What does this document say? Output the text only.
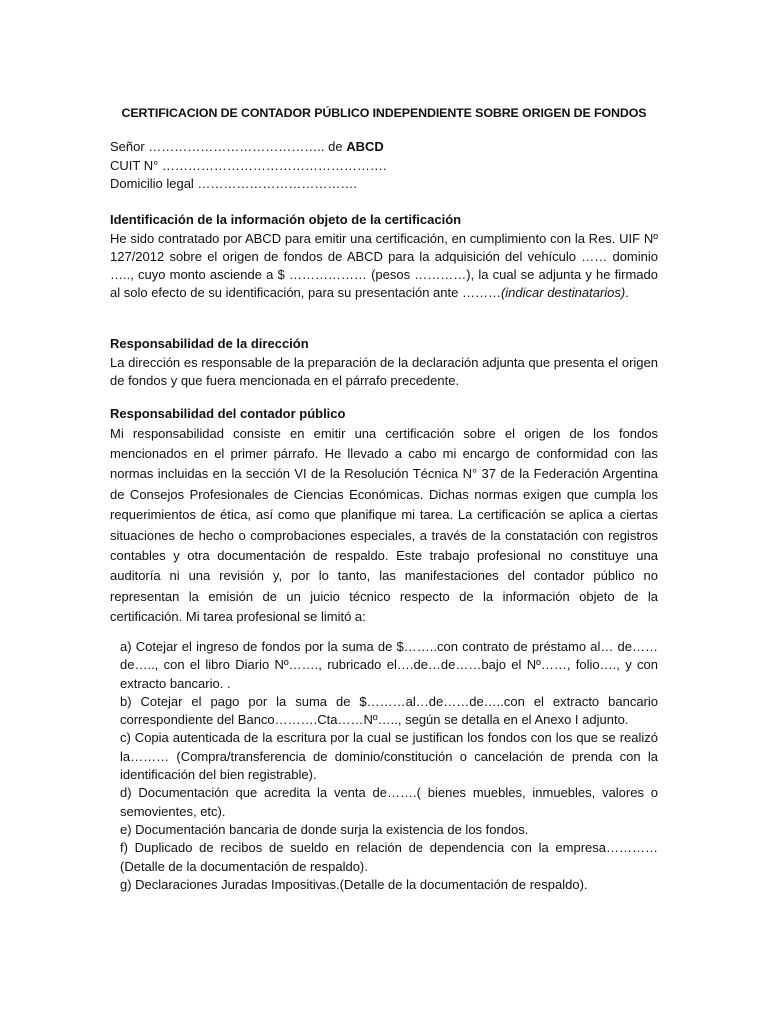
CERTIFICACION DE CONTADOR PÚBLICO INDEPENDIENTE SOBRE ORIGEN DE FONDOS
Señor ………………………………….. de ABCD
CUIT N° …………………………………………….
Domicilio legal ……………………………….
Identificación de la información objeto de la certificación
He sido contratado por ABCD para emitir una certificación, en cumplimiento con la Res. UIF Nº 127/2012 sobre el origen de fondos de ABCD para la adquisición del vehículo …… dominio ….., cuyo monto asciende a $ ……………… (pesos …………), la cual se adjunta y he firmado al solo efecto de su identificación, para su presentación ante ………(indicar destinatarios).
Responsabilidad de la dirección
La dirección es responsable de la preparación de la declaración adjunta que presenta el origen de fondos y que fuera mencionada en el párrafo precedente.
Responsabilidad del contador público
Mi responsabilidad consiste en emitir una certificación sobre el origen de los fondos mencionados en el primer párrafo. He llevado a cabo mi encargo de conformidad con las normas incluidas en la sección VI de la Resolución Técnica N° 37 de la Federación Argentina de Consejos Profesionales de Ciencias Económicas. Dichas normas exigen que cumpla los requerimientos de ética, así como que planifique mi tarea. La certificación se aplica a ciertas situaciones de hecho o comprobaciones especiales, a través de la constatación con registros contables y otra documentación de respaldo. Este trabajo profesional no constituye una auditoría ni una revisión y, por lo tanto, las manifestaciones del contador público no representan la emisión de un juicio técnico respecto de la información objeto de la certificación. Mi tarea profesional se limitó a:

a) Cotejar el ingreso de fondos por la suma de $……..con contrato de préstamo al… de……de….., con el libro Diario Nº……., rubricado el….de…de……bajo el Nº……, folio…., y con extracto bancario. .

b) Cotejar el pago por la suma de $………al…de……de…..con el extracto bancario correspondiente del Banco……….Cta……Nº….., según se detalla en el Anexo I adjunto.

c) Copia autenticada de la escritura por la cual se justifican los fondos con los que se realizó la……… (Compra/transferencia de dominio/constitución o cancelación de prenda con la identificación del bien registrable).

d) Documentación que acredita la venta de…….( bienes muebles, inmuebles, valores o semovientes, etc).

e) Documentación bancaria de donde surja la existencia de los fondos.

f) Duplicado de recibos de sueldo en relación de dependencia con la empresa…………(Detalle de la documentación de respaldo).

g) Declaraciones Juradas Impositivas.(Detalle de la documentación de respaldo).
